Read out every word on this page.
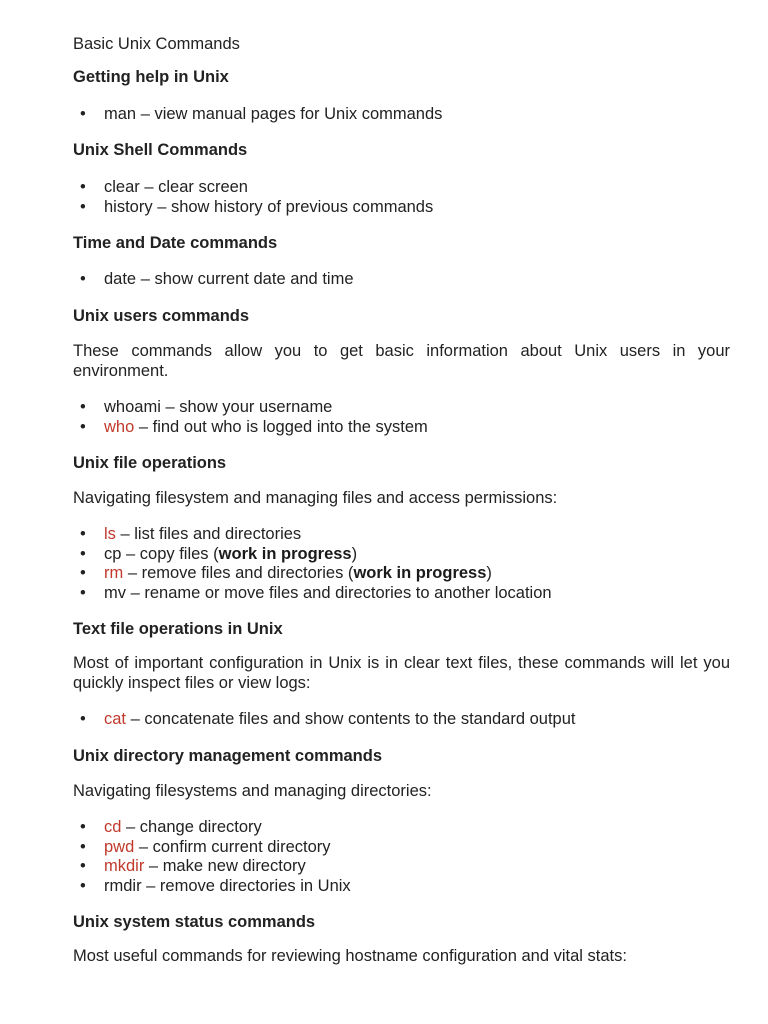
Basic Unix Commands
Getting help in Unix
• man – view manual pages for Unix commands
Unix Shell Commands
• clear – clear screen
• history – show history of previous commands
Time and Date commands
• date – show current date and time
Unix users commands
These commands allow you to get basic information about Unix users in your environment.
• whoami – show your username
• who – find out who is logged into the system
Unix file operations
Navigating filesystem and managing files and access permissions:
• ls – list files and directories
• cp – copy files (work in progress)
• rm – remove files and directories (work in progress)
• mv – rename or move files and directories to another location
Text file operations in Unix
Most of important configuration in Unix is in clear text files, these commands will let you quickly inspect files or view logs:
• cat – concatenate files and show contents to the standard output
Unix directory management commands
Navigating filesystems and managing directories:
• cd – change directory
• pwd – confirm current directory
• mkdir – make new directory
• rmdir – remove directories in Unix
Unix system status commands
Most useful commands for reviewing hostname configuration and vital stats:
